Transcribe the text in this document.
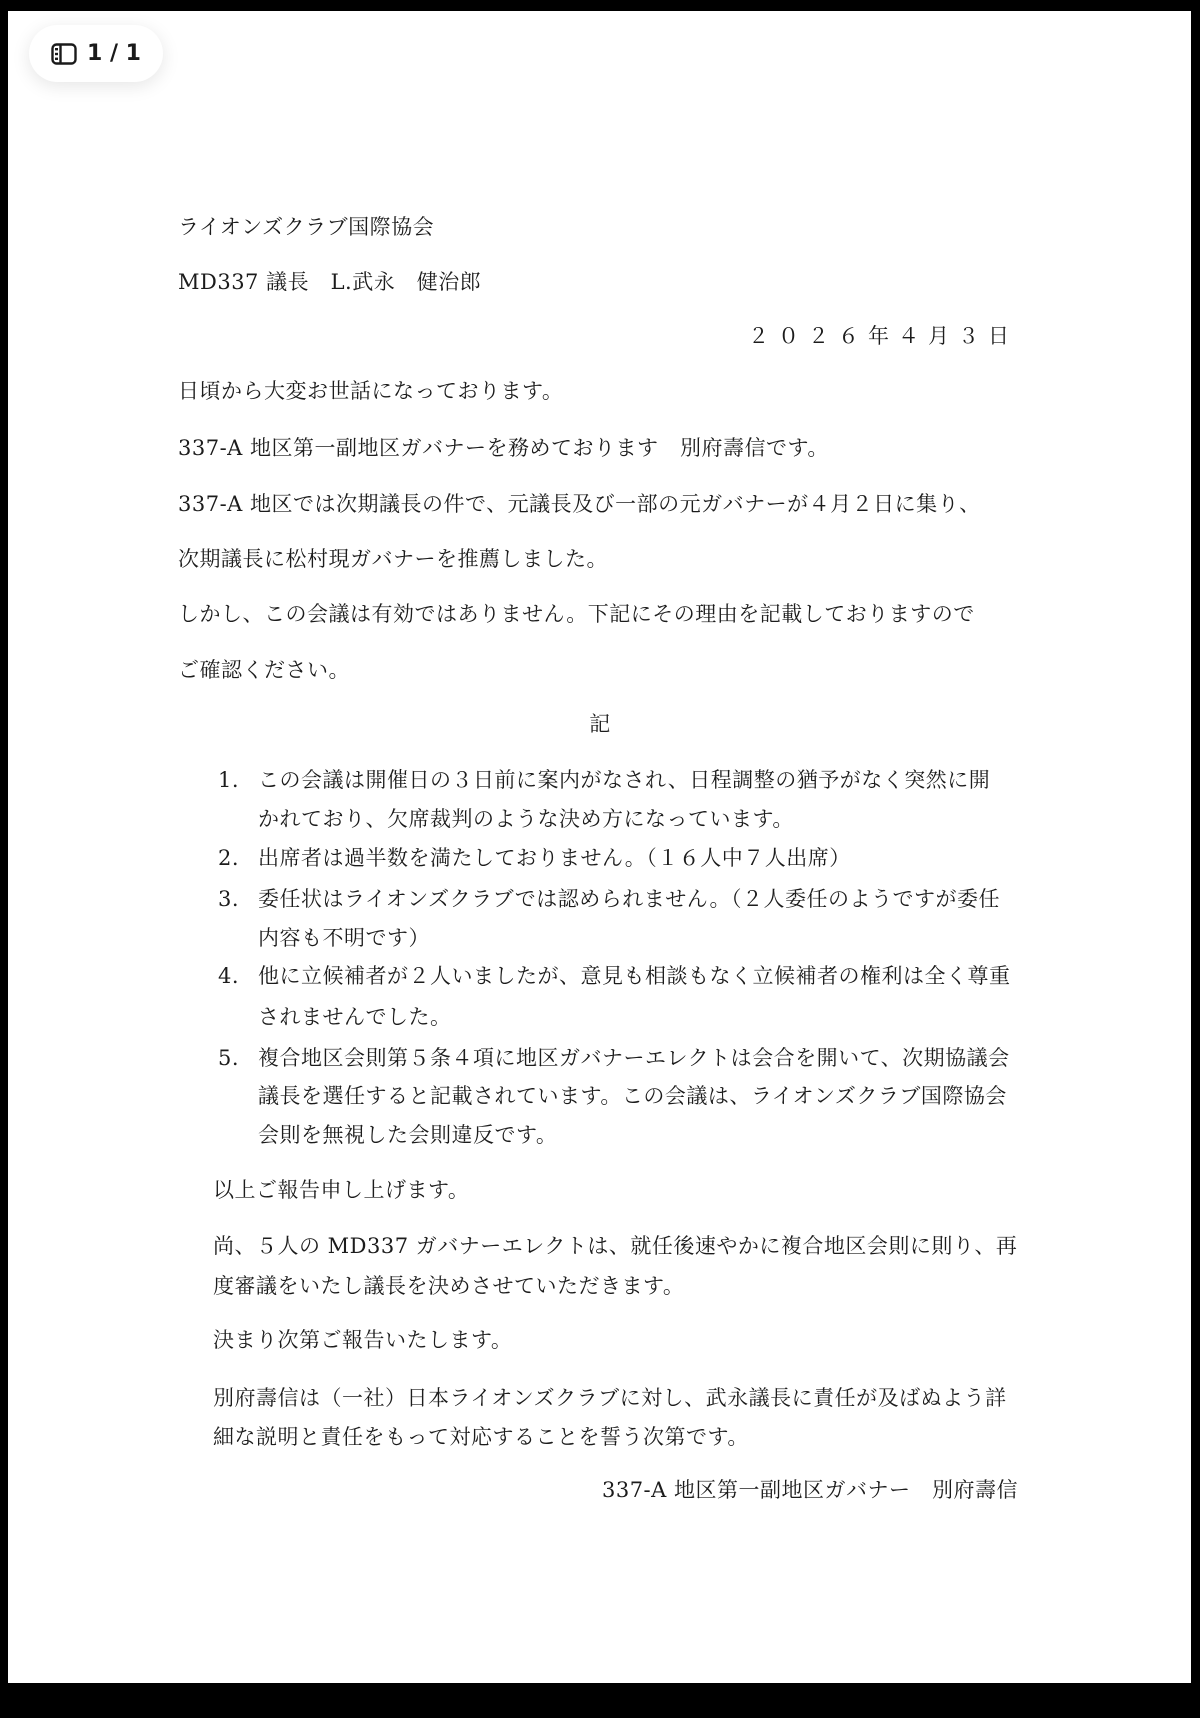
1 / 1
ライオンズクラブ国際協会
MD337 議長　L.武永　健治郎
２０２６年４月３日
日頃から大変お世話になっております。
337-A 地区第一副地区ガバナーを務めております　別府壽信です。
337-A 地区では次期議長の件で、元議長及び一部の元ガバナーが４月２日に集り、
次期議長に松村現ガバナーを推薦しました。
しかし、この会議は有効ではありません。下記にその理由を記載しておりますので
ご確認ください。
記
1. この会議は開催日の３日前に案内がなされ、日程調整の猶予がなく突然に開
かれており、欠席裁判のような決め方になっています。
2. 出席者は過半数を満たしておりません。（１６人中７人出席）
3. 委任状はライオンズクラブでは認められません。（２人委任のようですが委任
内容も不明です）
4. 他に立候補者が２人いましたが、意見も相談もなく立候補者の権利は全く尊重
されませんでした。
5. 複合地区会則第５条４項に地区ガバナーエレクトは会合を開いて、次期協議会
議長を選任すると記載されています。この会議は、ライオンズクラブ国際協会
会則を無視した会則違反です。
以上ご報告申し上げます。
尚、５人の MD337 ガバナーエレクトは、就任後速やかに複合地区会則に則り、再
度審議をいたし議長を決めさせていただきます。
決まり次第ご報告いたします。
別府壽信は（一社）日本ライオンズクラブに対し、武永議長に責任が及ばぬよう詳
細な説明と責任をもって対応することを誓う次第です。
337-A 地区第一副地区ガバナー　別府壽信
